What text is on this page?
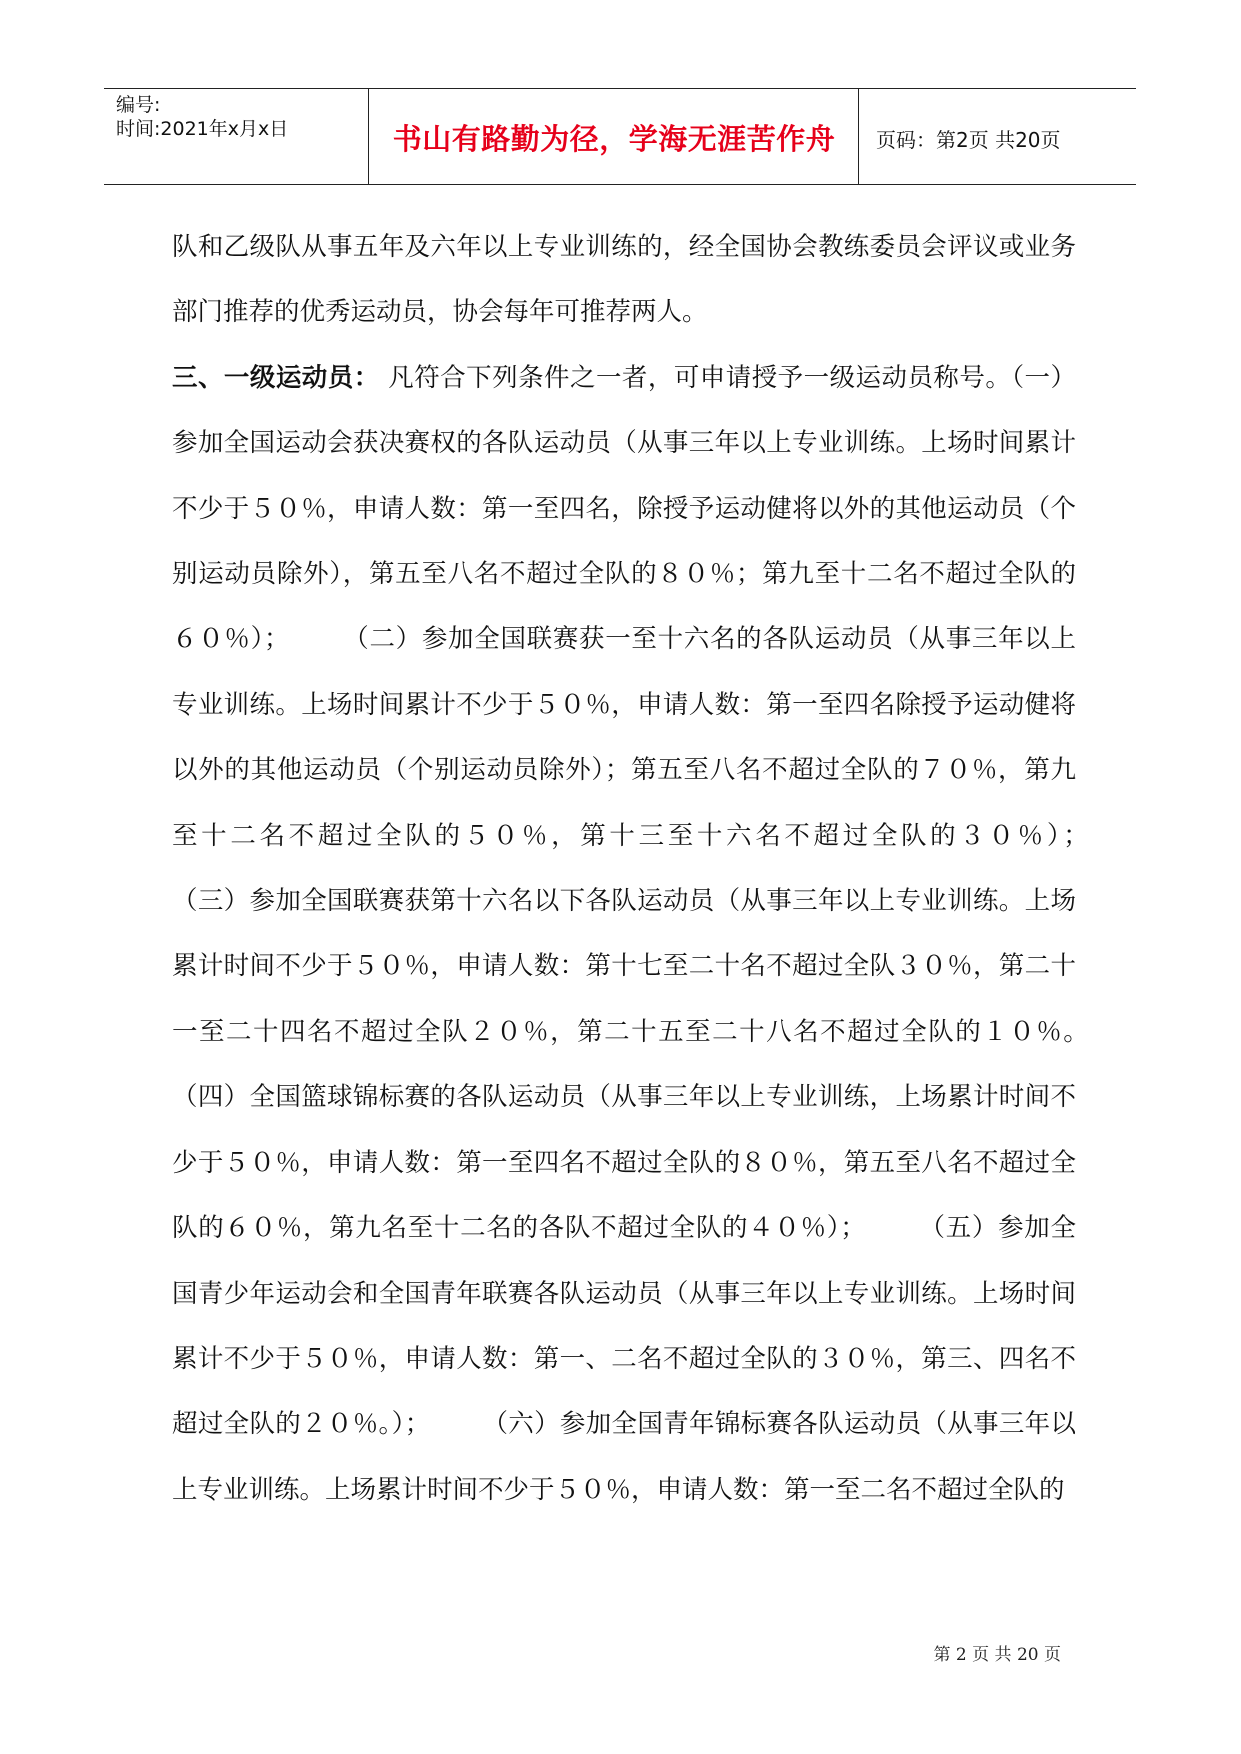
编号:
时间:2021年x月x日	书山有路勤为径，学海无涯苦作舟	页码：第2页 共20页

队和乙级队从事五年及六年以上专业训练的，经全国协会教练委员会评议或业务部门推荐的优秀运动员，协会每年可推荐两人。

三、一级运动员： 凡符合下列条件之一者，可申请授予一级运动员称号。（一）参加全国运动会获决赛权的各队运动员（从事三年以上专业训练。上场时间累计不少于５０％，申请人数：第一至四名，除授予运动健将以外的其他运动员（个别运动员除外），第五至八名不超过全队的８０％；第九至十二名不超过全队的６０％）；　　　（二）参加全国联赛获一至十六名的各队运动员（从事三年以上专业训练。上场时间累计不少于５０％，申请人数：第一至四名除授予运动健将以外的其他运动员（个别运动员除外）；第五至八名不超过全队的７０％，第九至十二名不超过全队的５０％，第十三至十六名不超过全队的３０％）；　　　（三）参加全国联赛获第十六名以下各队运动员（从事三年以上专业训练。上场累计时间不少于５０％，申请人数：第十七至二十名不超过全队３０％，第二十一至二十四名不超过全队２０％，第二十五至二十八名不超过全队的１０％。　　　（四）全国篮球锦标赛的各队运动员（从事三年以上专业训练，上场累计时间不少于５０％，申请人数：第一至四名不超过全队的８０％，第五至八名不超过全队的６０％，第九名至十二名的各队不超过全队的４０％）；　　　（五）参加全国青少年运动会和全国青年联赛各队运动员（从事三年以上专业训练。上场时间累计不少于５０％，申请人数：第一、二名不超过全队的３０％，第三、四名不超过全队的２０％。）；　　　（六）参加全国青年锦标赛各队运动员（从事三年以上专业训练。上场累计时间不少于５０％，申请人数：第一至二名不超过全队的

第 2 页 共 20 页
